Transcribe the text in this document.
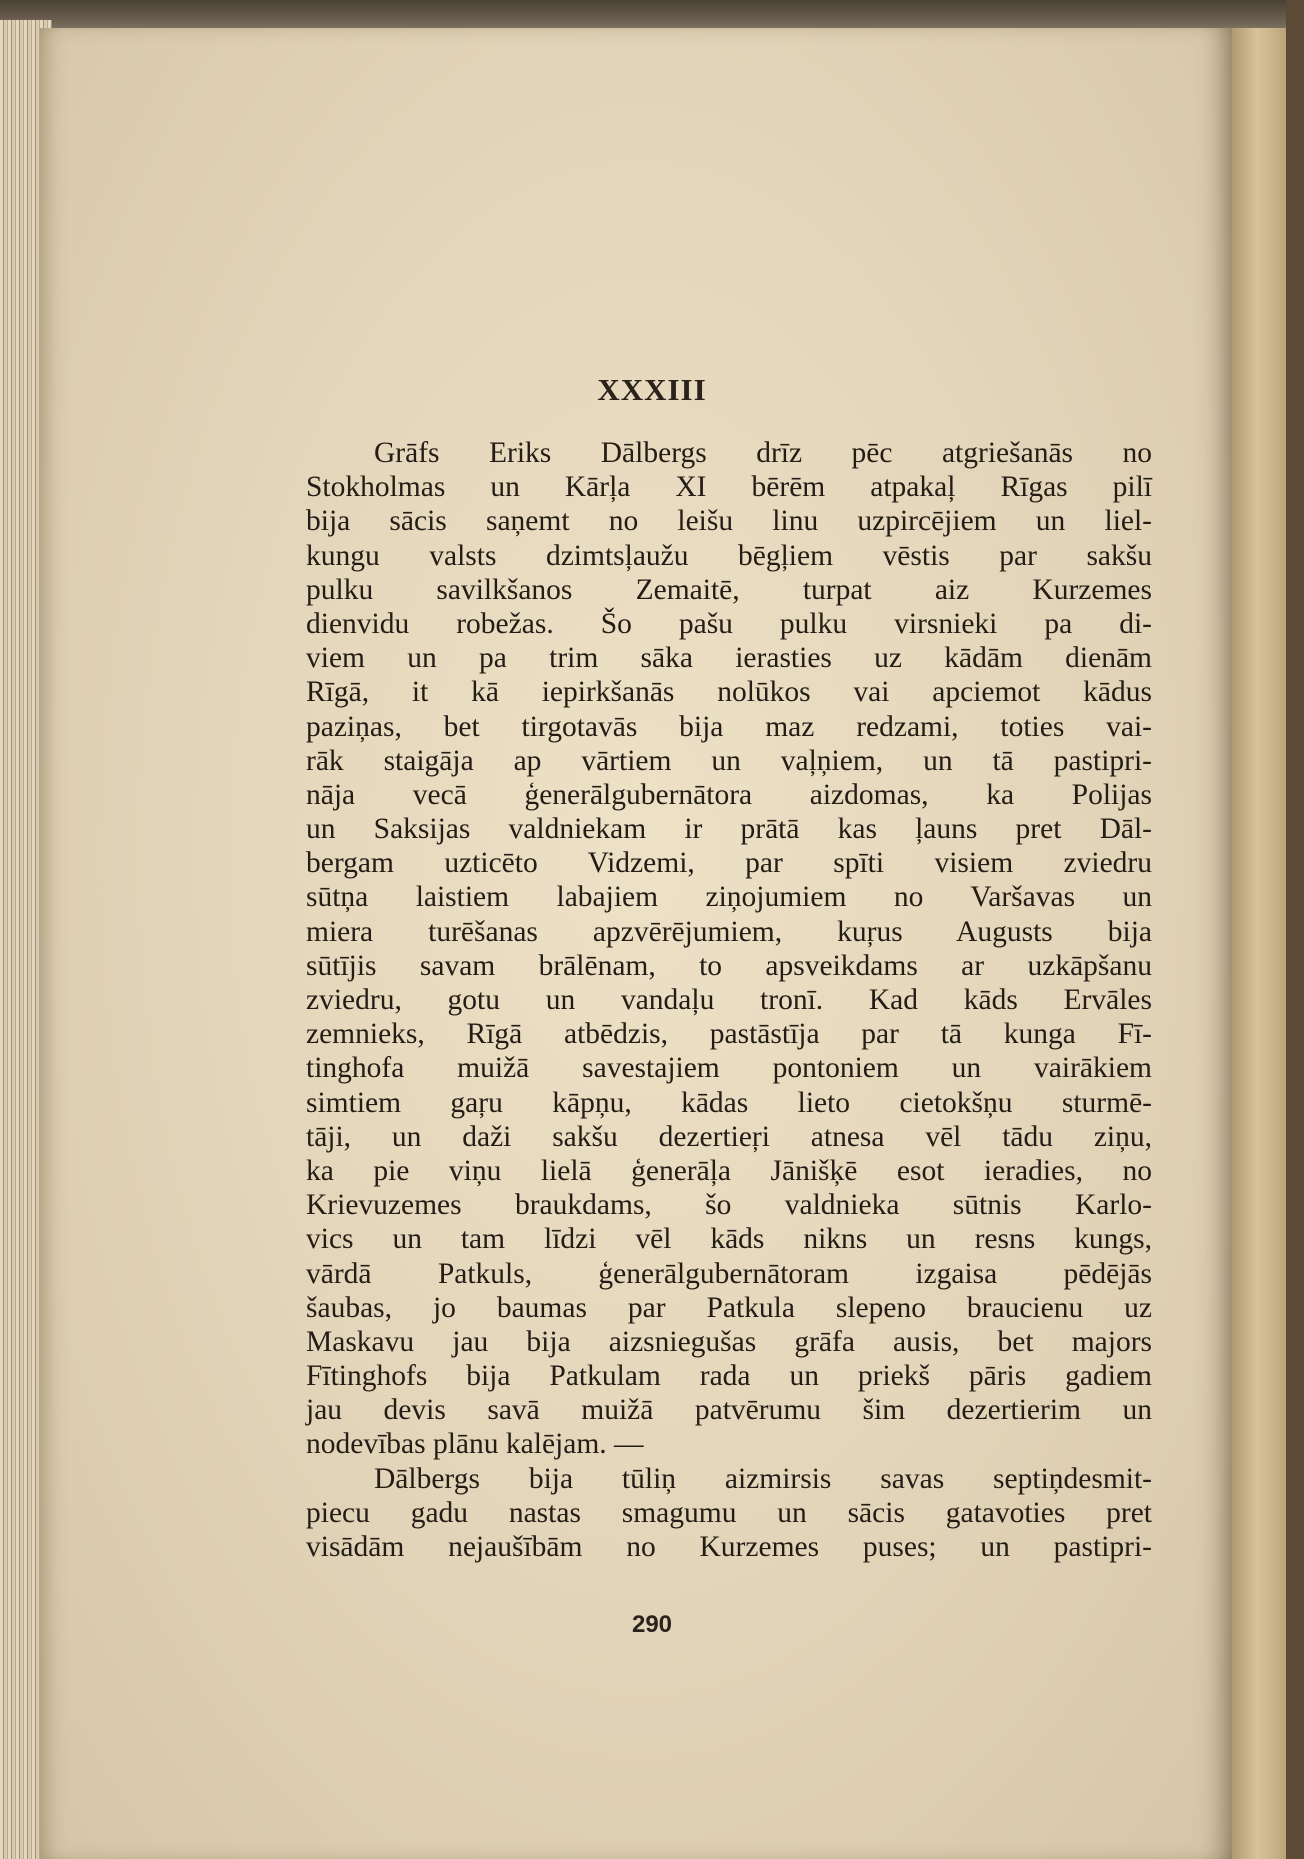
XXXIII
Grāfs Eriks Dālbergs drīz pēc atgriešanās no
Stokholmas un Kārļa XI bērēm atpakaļ Rīgas pilī
bija sācis saņemt no leišu linu uzpircējiem un liel-
kungu valsts dzimtsļaužu bēgļiem vēstis par sakšu
pulku savilkšanos Zemaitē, turpat aiz Kurzemes
dienvidu robežas. Šo pašu pulku virsnieki pa di-
viem un pa trim sāka ierasties uz kādām dienām
Rīgā, it kā iepirkšanās nolūkos vai apciemot kādus
paziņas, bet tirgotavās bija maz redzami, toties vai-
rāk staigāja ap vārtiem un vaļņiem, un tā pastipri-
nāja vecā ģenerālgubernātora aizdomas, ka Polijas
un Saksijas valdniekam ir prātā kas ļauns pret Dāl-
bergam uzticēto Vidzemi, par spīti visiem zviedru
sūtņa laistiem labajiem ziņojumiem no Varšavas un
miera turēšanas apzvērējumiem, kuŗus Augusts bija
sūtījis savam brālēnam, to apsveikdams ar uzkāpšanu
zviedru, gotu un vandaļu tronī. Kad kāds Ervāles
zemnieks, Rīgā atbēdzis, pastāstīja par tā kunga Fī-
tinghofa muižā savestajiem pontoniem un vairākiem
simtiem gaŗu kāpņu, kādas lieto cietokšņu sturmē-
tāji, un daži sakšu dezertieŗi atnesa vēl tādu ziņu,
ka pie viņu lielā ģenerāļa Jānišķē esot ieradies, no
Krievuzemes braukdams, šo valdnieka sūtnis Karlo-
vics un tam līdzi vēl kāds nikns un resns kungs,
vārdā Patkuls, ģenerālgubernātoram izgaisa pēdējās
šaubas, jo baumas par Patkula slepeno braucienu uz
Maskavu jau bija aizsniegušas grāfa ausis, bet majors
Fītinghofs bija Patkulam rada un priekš pāris gadiem
jau devis savā muižā patvērumu šim dezertierim un
nodevības plānu kalējam. —
Dālbergs bija tūliņ aizmirsis savas septiņdesmit-
piecu gadu nastas smagumu un sācis gatavoties pret
visādām nejaušībām no Kurzemes puses; un pastipri-
290
